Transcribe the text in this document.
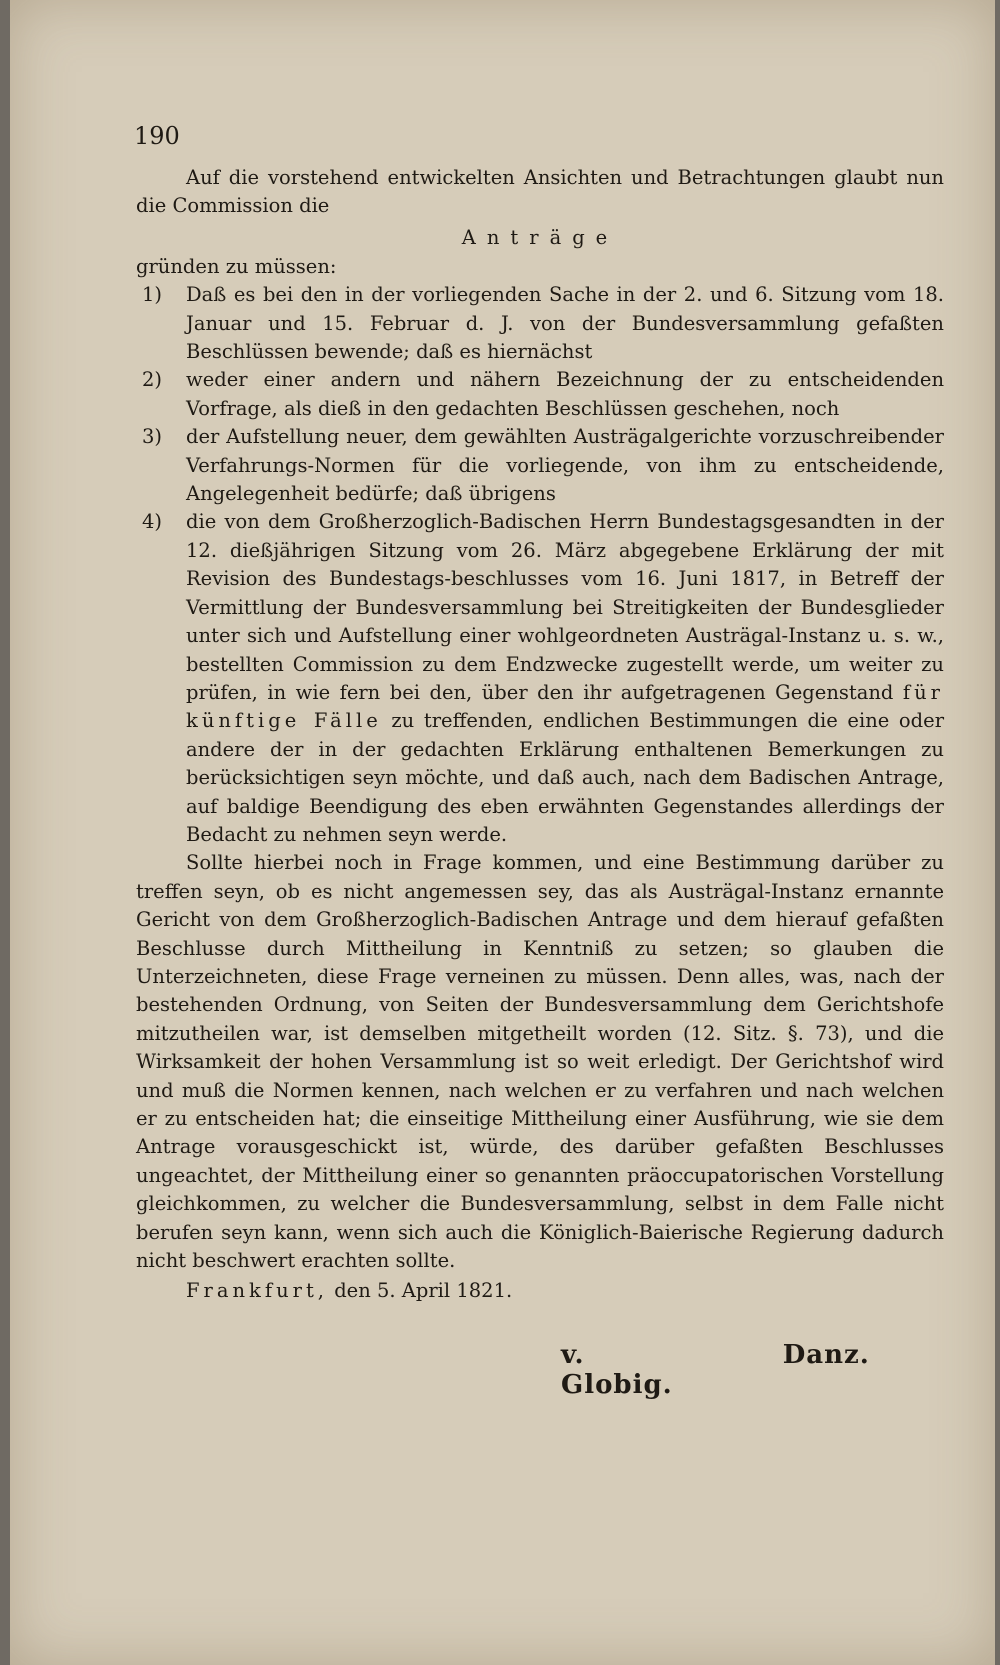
190

Auf die vorstehend entwickelten Ansichten und Betrachtungen glaubt nun die Commission die

Anträge

gründen zu müssen:

1)	Daß es bei den in der vorliegenden Sache in der 2. und 6. Sitzung vom 18. Januar und 15. Februar d. J. von der Bundesversammlung gefaßten Beschlüssen bewende; daß es hiernächst
2)	weder einer andern und nähern Bezeichnung der zu entscheidenden Vorfrage, als dieß in den gedachten Beschlüssen geschehen, noch
3)	der Aufstellung neuer, dem gewählten Austrägalgerichte vorzuschreibender Verfahrungs-Normen für die vorliegende, von ihm zu entscheidende, Angelegenheit bedürfe; daß übrigens
4)	die von dem Großherzoglich-Badischen Herrn Bundestagsgesandten in der 12. dießjährigen Sitzung vom 26. März abgegebene Erklärung der mit Revision des Bundestags-beschlusses vom 16. Juni 1817, in Betreff der Vermittlung der Bundesversammlung bei Streitigkeiten der Bundesglieder unter sich und Aufstellung einer wohlgeordneten Austrägal-Instanz u. s. w., bestellten Commission zu dem Endzwecke zugestellt werde, um weiter zu prüfen, in wie fern bei den, über den ihr aufgetragenen Gegenstand für künftige Fälle zu treffenden, endlichen Bestimmungen die eine oder andere der in der gedachten Erklärung enthaltenen Bemerkungen zu berücksichtigen seyn möchte, und daß auch, nach dem Badischen Antrage, auf baldige Beendigung des eben erwähnten Gegenstandes allerdings der Bedacht zu nehmen seyn werde.

Sollte hierbei noch in Frage kommen, und eine Bestimmung darüber zu treffen seyn, ob es nicht angemessen sey, das als Austrägal-Instanz ernannte Gericht von dem Großherzoglich-Badischen Antrage und dem hierauf gefaßten Beschlusse durch Mittheilung in Kenntniß zu setzen; so glauben die Unterzeichneten, diese Frage verneinen zu müssen. Denn alles, was, nach der bestehenden Ordnung, von Seiten der Bundesversammlung dem Gerichtshofe mitzutheilen war, ist demselben mitgetheilt worden (12. Sitz. §. 73), und die Wirksamkeit der hohen Versammlung ist so weit erledigt. Der Gerichtshof wird und muß die Normen kennen, nach welchen er zu verfahren und nach welchen er zu entscheiden hat; die einseitige Mittheilung einer Ausführung, wie sie dem Antrage vorausgeschickt ist, würde, des darüber gefaßten Beschlusses ungeachtet, der Mittheilung einer so genannten präoccupatorischen Vorstellung gleichkommen, zu welcher die Bundesversammlung, selbst in dem Falle nicht berufen seyn kann, wenn sich auch die Königlich-Baierische Regierung dadurch nicht beschwert erachten sollte.

Frankfurt, den 5. April 1821.

v. Globig.
Danz.
